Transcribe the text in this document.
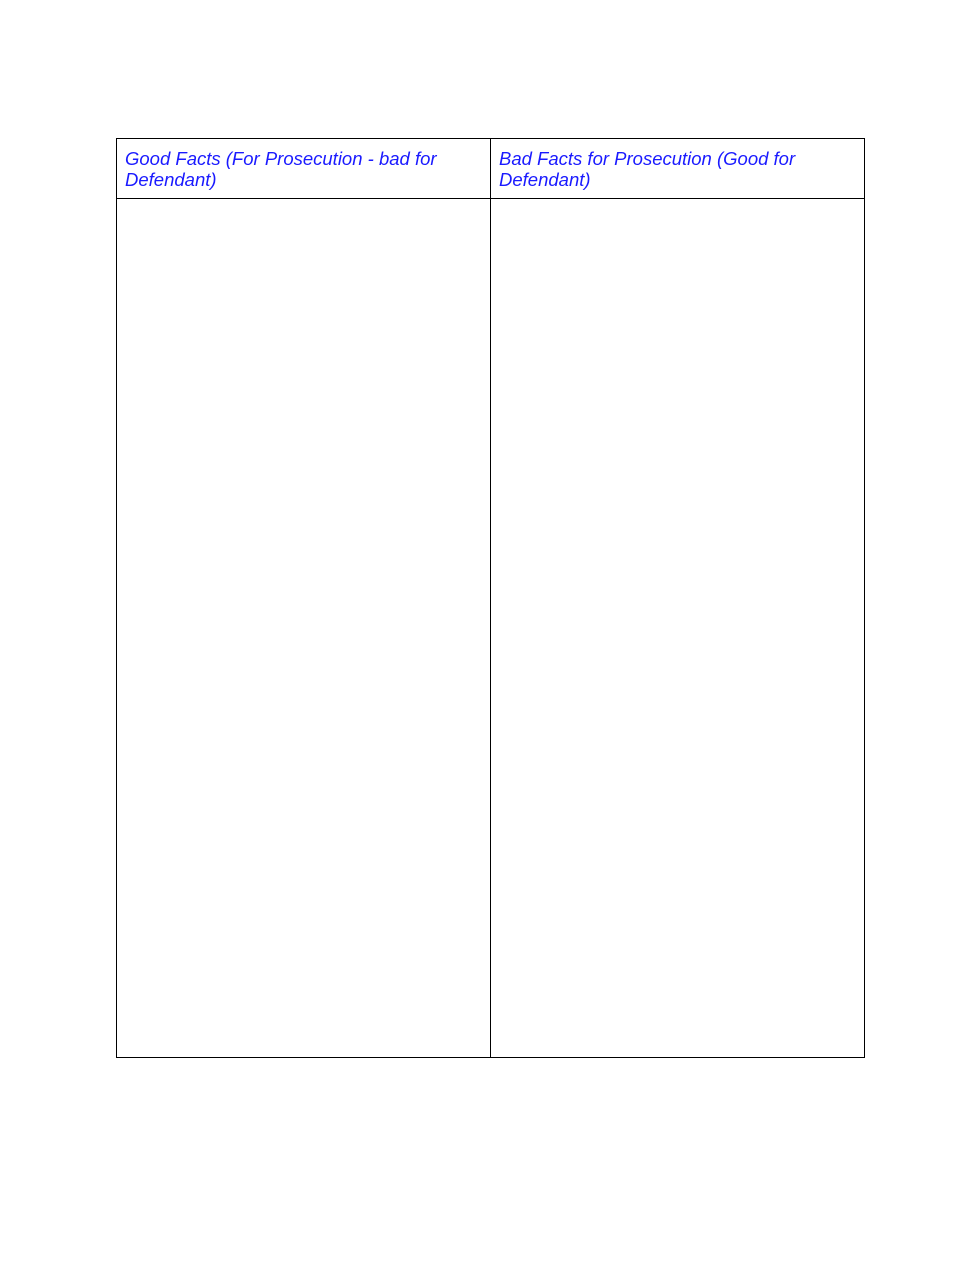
Good Facts (For Prosecution - bad for Defendant)	Bad Facts for Prosecution (Good for Defendant)
